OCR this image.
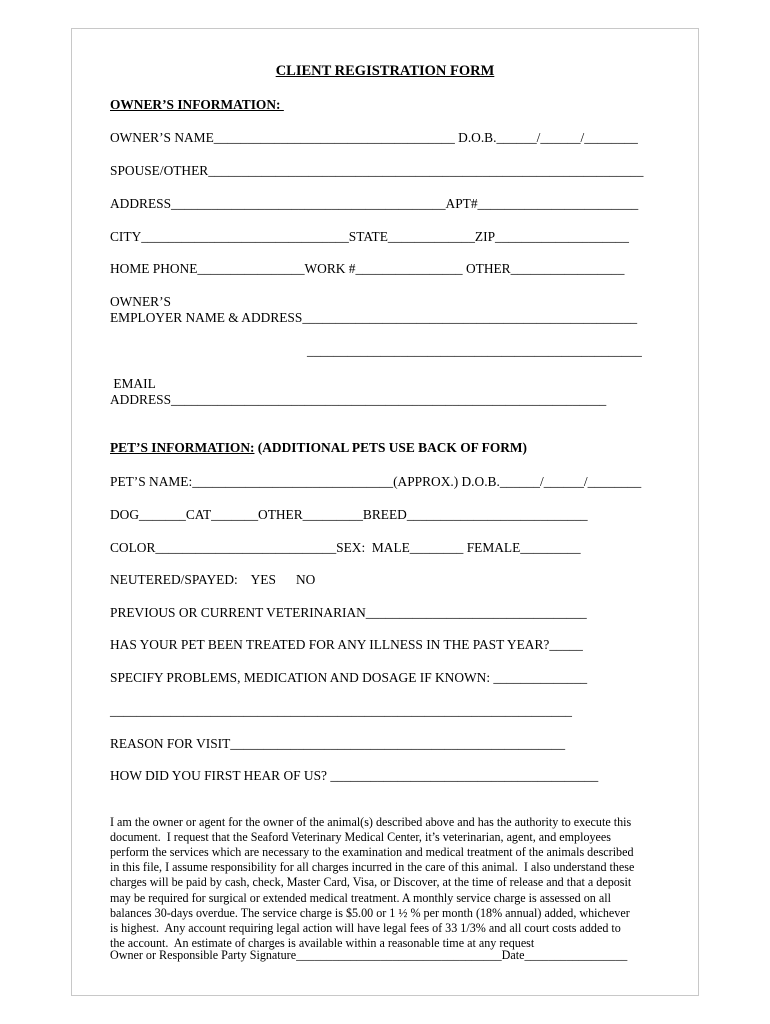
CLIENT REGISTRATION FORM
OWNER’S INFORMATION:
OWNER’S NAME____________________________________ D.O.B.______/______/________
SPOUSE/OTHER_________________________________________________________________
ADDRESS_________________________________________APT#________________________
CITY_______________________________STATE_____________ZIP____________________
HOME PHONE________________WORK #________________ OTHER_________________
OWNER’S
EMPLOYER NAME & ADDRESS__________________________________________________
__________________________________________________
EMAIL
ADDRESS_________________________________________________________________
PET’S INFORMATION: (ADDITIONAL PETS USE BACK OF FORM)
PET’S NAME:______________________________(APPROX.) D.O.B.______/______/________
DOG_______CAT_______OTHER_________BREED___________________________
COLOR___________________________SEX:  MALE________ FEMALE_________
NEUTERED/SPAYED:    YES      NO
PREVIOUS OR CURRENT VETERINARIAN_________________________________
HAS YOUR PET BEEN TREATED FOR ANY ILLNESS IN THE PAST YEAR?_____
SPECIFY PROBLEMS, MEDICATION AND DOSAGE IF KNOWN: ______________
_____________________________________________________________________
REASON FOR VISIT__________________________________________________
HOW DID YOU FIRST HEAR OF US? ________________________________________

I am the owner or agent for the owner of the animal(s) described above and has the authority to execute this
document.  I request that the Seaford Veterinary Medical Center, it’s veterinarian, agent, and employees
perform the services which are necessary to the examination and medical treatment of the animals described
in this file, I assume responsibility for all charges incurred in the care of this animal.  I also understand these
charges will be paid by cash, check, Master Card, Visa, or Discover, at the time of release and that a deposit
may be required for surgical or extended medical treatment. A monthly service charge is assessed on all
balances 30-days overdue. The service charge is $5.00 or 1 ½ % per month (18% annual) added, whichever
is highest.  Any account requiring legal action will have legal fees of 33 1/3% and all court costs added to
the account.  An estimate of charges is available within a reasonable time at any request

Owner or Responsible Party Signature__________________________________Date_________________
